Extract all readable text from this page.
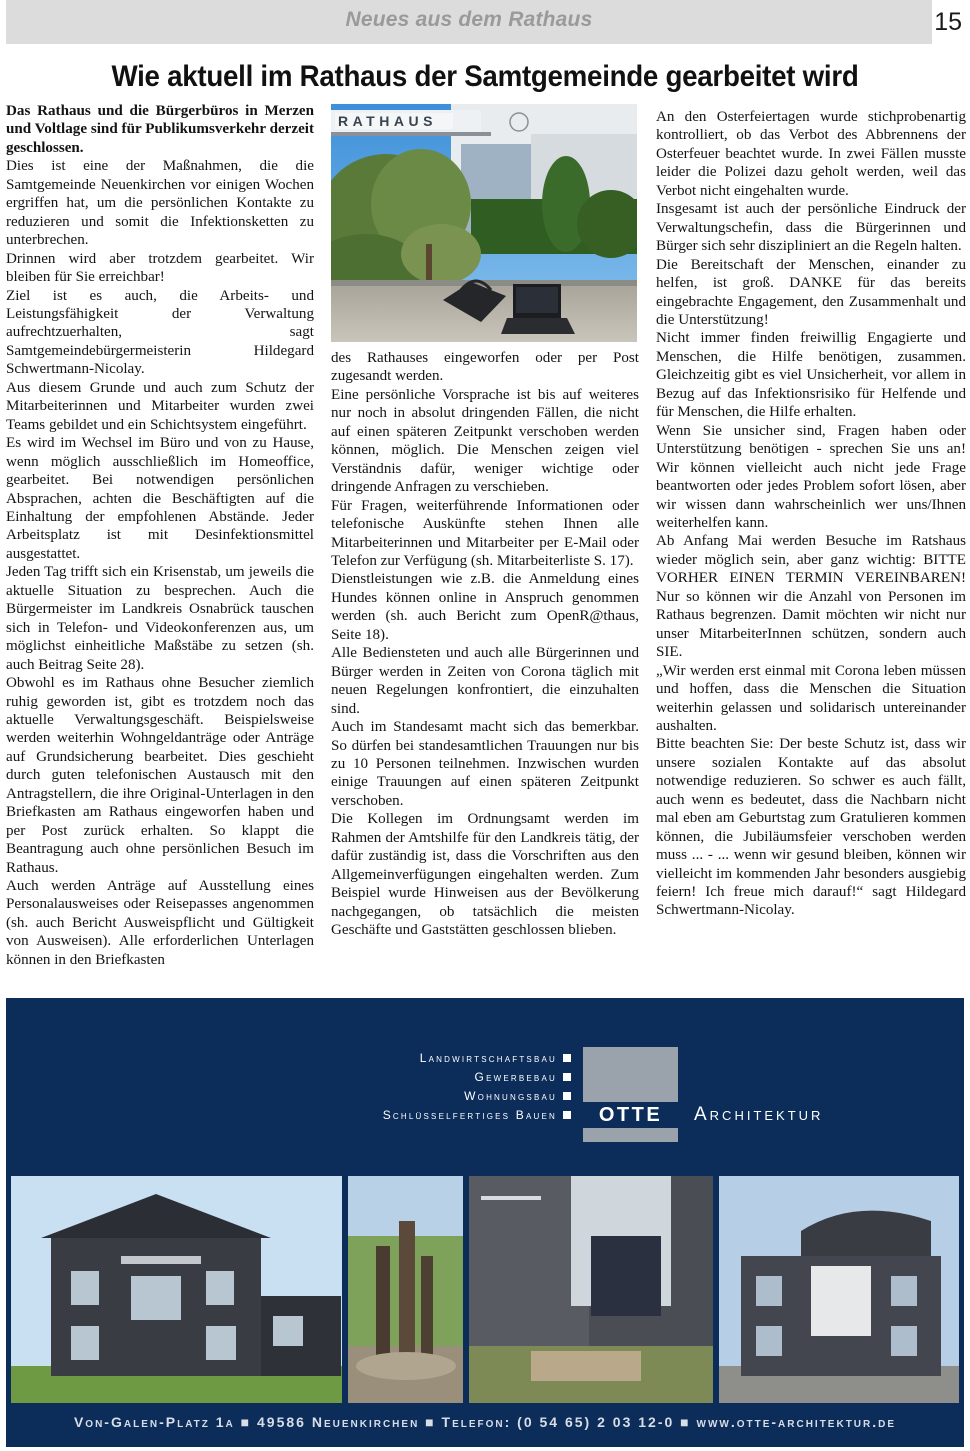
Neues aus dem Rathaus	15
Wie aktuell im Rathaus der Samtgemeinde gearbeitet wird

Das Rathaus und die Bürgerbüros in Merzen und Voltlage sind für Publikumsverkehr derzeit geschlossen.

Dies ist eine der Maßnahmen, die die Samtgemeinde Neuenkirchen vor einigen Wochen ergriffen hat, um die persönlichen Kontakte zu reduzieren und somit die Infektionsketten zu unterbrechen.

Drinnen wird aber trotzdem gearbeitet. Wir bleiben für Sie erreichbar!

Ziel ist es auch, die Arbeits- und Leistungsfähigkeit der Verwaltung aufrechtzuerhalten, sagt Samtgemeindebürgermeisterin Hildegard Schwertmann-Nicolay.

Aus diesem Grunde und auch zum Schutz der Mitarbeiterinnen und Mitarbeiter wurden zwei Teams gebildet und ein Schichtsystem eingeführt.

Es wird im Wechsel im Büro und von zu Hause, wenn möglich ausschließlich im Homeoffice, gearbeitet. Bei notwendigen persönlichen Absprachen, achten die Beschäftigten auf die Einhaltung der empfohlenen Abstände. Jeder Arbeitsplatz ist mit Desinfektionsmittel ausgestattet.

Jeden Tag trifft sich ein Krisenstab, um jeweils die aktuelle Situation zu besprechen. Auch die Bürgermeister im Landkreis Osnabrück tauschen sich in Telefon- und Videokonferenzen aus, um möglichst einheitliche Maßstäbe zu setzen (sh. auch Beitrag Seite 28).

Obwohl es im Rathaus ohne Besucher ziemlich ruhig geworden ist, gibt es trotzdem noch das aktuelle Verwaltungsgeschäft. Beispielsweise werden weiterhin Wohngeldanträge oder Anträge auf Grundsicherung bearbeitet. Dies geschieht durch guten telefonischen Austausch mit den Antragstellern, die ihre Original-Unterlagen in den Briefkasten am Rathaus eingeworfen haben und per Post zurück erhalten. So klappt die Beantragung auch ohne persönlichen Besuch im Rathaus.

Auch werden Anträge auf Ausstellung eines Personalausweises oder Reisepasses angenommen (sh. auch Bericht Ausweispflicht und Gültigkeit von Ausweisen). Alle erforderlichen Unterlagen können in den Briefkasten

RATHAUS

des Rathauses eingeworfen oder per Post zugesandt werden.

Eine persönliche Vorsprache ist bis auf weiteres nur noch in absolut dringenden Fällen, die nicht auf einen späteren Zeitpunkt verschoben werden können, möglich. Die Menschen zeigen viel Verständnis dafür, weniger wichtige oder dringende Anfragen zu verschieben.

Für Fragen, weiterführende Informationen oder telefonische Auskünfte stehen Ihnen alle Mitarbeiterinnen und Mitarbeiter per E-Mail oder Telefon zur Verfügung (sh. Mitarbeiterliste S. 17).

Dienstleistungen wie z.B. die Anmeldung eines Hundes können online in Anspruch genommen werden (sh. auch Bericht zum OpenR@thaus, Seite 18).

Alle Bediensteten und auch alle Bürgerinnen und Bürger werden in Zeiten von Corona täglich mit neuen Regelungen konfrontiert, die einzuhalten sind.

Auch im Standesamt macht sich das bemerkbar. So dürfen bei standesamtlichen Trauungen nur bis zu 10 Personen teilnehmen. Inzwischen wurden einige Trauungen auf einen späteren Zeitpunkt verschoben.

Die Kollegen im Ordnungsamt werden im Rahmen der Amtshilfe für den Landkreis tätig, der dafür zuständig ist, dass die Vorschriften aus den Allgemeinverfügungen eingehalten werden. Zum Beispiel wurde Hinweisen aus der Bevölkerung nachgegangen, ob tatsächlich die meisten Geschäfte und Gaststätten geschlossen blieben.

An den Osterfeiertagen wurde stichprobenartig kontrolliert, ob das Verbot des Abbrennens der Osterfeuer beachtet wurde. In zwei Fällen musste leider die Polizei dazu geholt werden, weil das Verbot nicht eingehalten wurde.

Insgesamt ist auch der persönliche Eindruck der Verwaltungschefin, dass die Bürgerinnen und Bürger sich sehr diszipliniert an die Regeln halten.

Die Bereitschaft der Menschen, einander zu helfen, ist groß. DANKE für das bereits eingebrachte Engagement, den Zusammenhalt und die Unterstützung!

Nicht immer finden freiwillig Engagierte und Menschen, die Hilfe benötigen, zusammen. Gleichzeitig gibt es viel Unsicherheit, vor allem in Bezug auf das Infektionsrisiko für Helfende und für Menschen, die Hilfe erhalten.

Wenn Sie unsicher sind, Fragen haben oder Unterstützung benötigen - sprechen Sie uns an! Wir können vielleicht auch nicht jede Frage beantworten oder jedes Problem sofort lösen, aber wir wissen dann wahrscheinlich wer uns/Ihnen weiterhelfen kann.

Ab Anfang Mai werden Besuche im Ratshaus wieder möglich sein, aber ganz wichtig: BITTE VORHER EINEN TERMIN VEREINBAREN! Nur so können wir die Anzahl von Personen im Rathaus begrenzen. Damit möchten wir nicht nur unser MitarbeiterInnen schützen, sondern auch SIE.

„Wir werden erst einmal mit Corona leben müssen und hoffen, dass die Menschen die Situation weiterhin gelassen und solidarisch untereinander aushalten.

Bitte beachten Sie: Der beste Schutz ist, dass wir unsere sozialen Kontakte auf das absolut notwendige reduzieren. So schwer es auch fällt, auch wenn es bedeutet, dass die Nachbarn nicht mal eben am Geburtstag zum Gratulieren kommen können, die Jubiläumsfeier verschoben werden muss ... - ... wenn wir gesund bleiben, können wir vielleicht im kommenden Jahr besonders ausgiebig feiern! Ich freue mich darauf!“ sagt Hildegard Schwertmann-Nicolay.

Landwirtschaftsbau
Gewerbebau
Wohnungsbau
Schlüsselfertiges Bauen	OTTE	Architektur
Von-Galen-Platz 1a ■ 49586 Neuenkirchen ■ Telefon: (0 54 65) 2 03 12-0 ■ www.otte-architektur.de
